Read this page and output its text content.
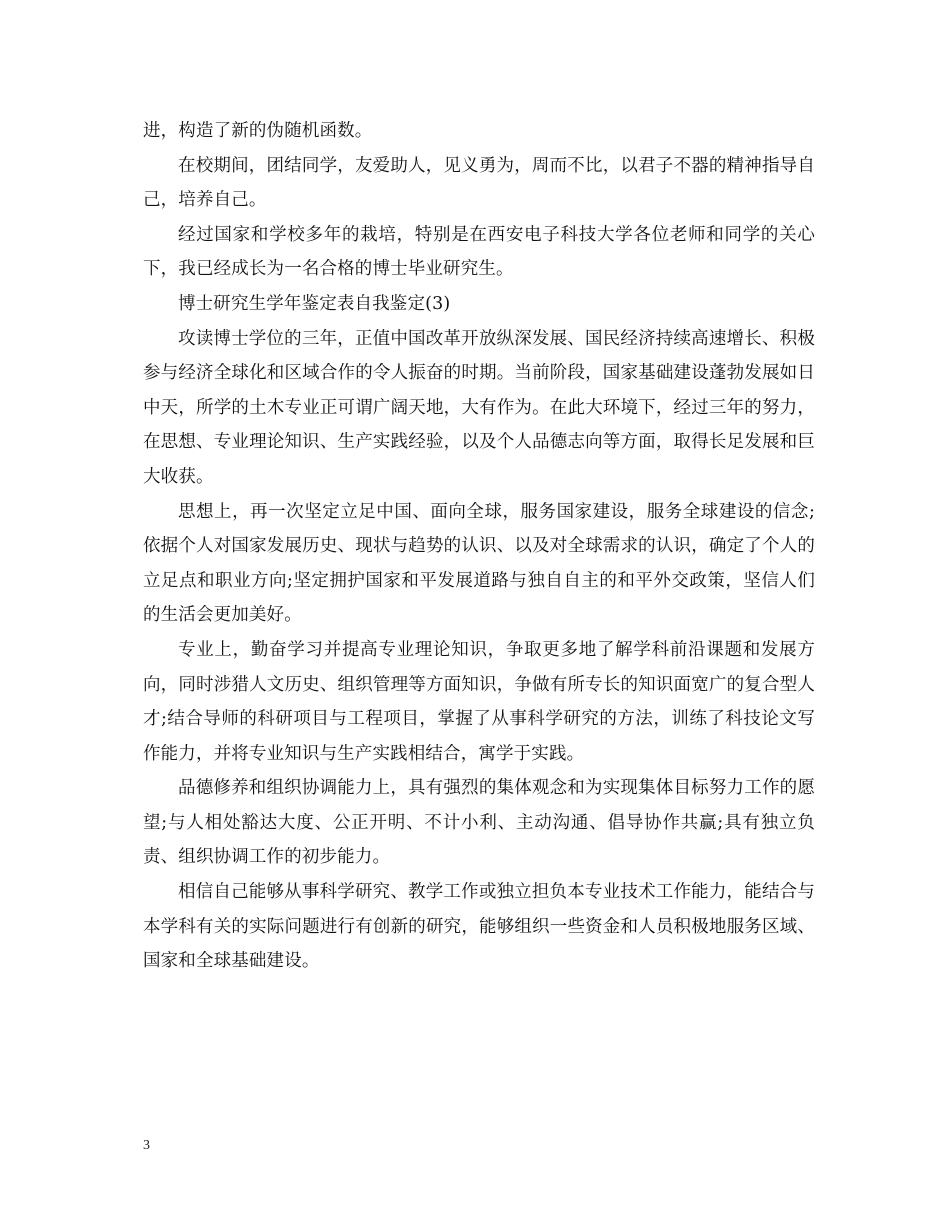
进，构造了新的伪随机函数。

在校期间，团结同学，友爱助人，见义勇为，周而不比，以君子不器的精神指导自己，培养自己。

经过国家和学校多年的栽培，特别是在西安电子科技大学各位老师和同学的关心下，我已经成长为一名合格的博士毕业研究生。

博士研究生学年鉴定表自我鉴定(3)

攻读博士学位的三年，正值中国改革开放纵深发展、国民经济持续高速增长、积极参与经济全球化和区域合作的令人振奋的时期。当前阶段，国家基础建设蓬勃发展如日中天，所学的土木专业正可谓广阔天地，大有作为。在此大环境下，经过三年的努力，在思想、专业理论知识、生产实践经验，以及个人品德志向等方面，取得长足发展和巨大收获。

思想上，再一次坚定立足中国、面向全球，服务国家建设，服务全球建设的信念;依据个人对国家发展历史、现状与趋势的认识、以及对全球需求的认识，确定了个人的立足点和职业方向;坚定拥护国家和平发展道路与独自自主的和平外交政策，坚信人们的生活会更加美好。

专业上，勤奋学习并提高专业理论知识，争取更多地了解学科前沿课题和发展方向，同时涉猎人文历史、组织管理等方面知识，争做有所专长的知识面宽广的复合型人才;结合导师的科研项目与工程项目，掌握了从事科学研究的方法，训练了科技论文写作能力，并将专业知识与生产实践相结合，寓学于实践。

品德修养和组织协调能力上，具有强烈的集体观念和为实现集体目标努力工作的愿望;与人相处豁达大度、公正开明、不计小利、主动沟通、倡导协作共赢;具有独立负责、组织协调工作的初步能力。

相信自己能够从事科学研究、教学工作或独立担负本专业技术工作能力，能结合与本学科有关的实际问题进行有创新的研究，能够组织一些资金和人员积极地服务区域、国家和全球基础建设。

3
